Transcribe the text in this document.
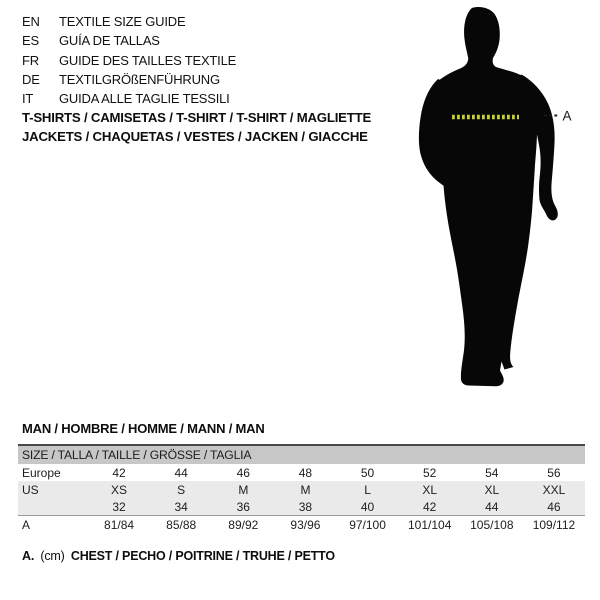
EN	TEXTILE SIZE GUIDE
ES	GUÍA DE TALLAS
FR	GUIDE DES TAILLES TEXTILE
DE	TEXTILGRÖßENFÜHRUNG
IT	GUIDA ALLE TAGLIE TESSILI
T-SHIRTS / CAMISETAS / T-SHIRT / T-SHIRT / MAGLIETTE
JACKETS / CHAQUETAS / VESTES / JACKEN / GIACCHE
A
MAN / HOMBRE / HOMME / MANN / MAN
SIZE / TALLA / TAILLE / GRÖSSE / TAGLIA								
Europe	42	44	46	48	50	52	54	56
US	XS	S	M	M	L	XL	XL	XXL
	32	34	36	38	40	42	44	46
A	81/84	85/88	89/92	93/96	97/100	101/104	105/108	109/112

A. (cm) CHEST / PECHO / POITRINE / TRUHE / PETTO
